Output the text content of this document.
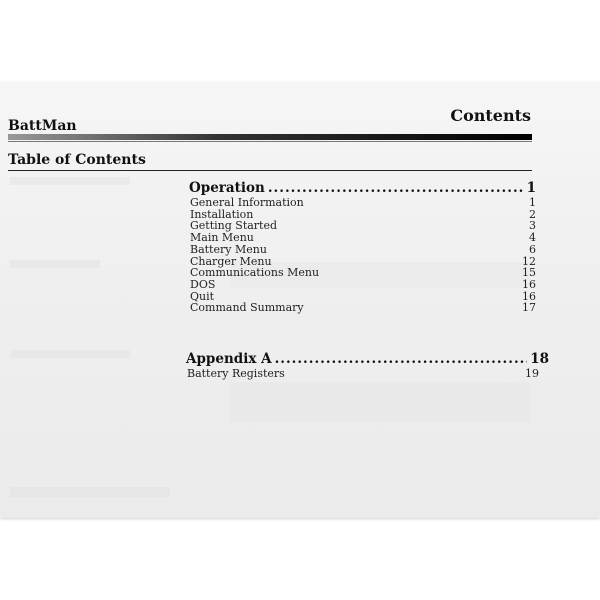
BattMan
Contents
Table of Contents
Operation .....	1
General Information	1
Installation	2
Getting Started	3
Main Menu	4
Battery Menu	6
Charger Menu	12
Communications Menu	15
DOS	16
Quit	16
Command Summary	17
Appendix A .....	18
Battery Registers	19
